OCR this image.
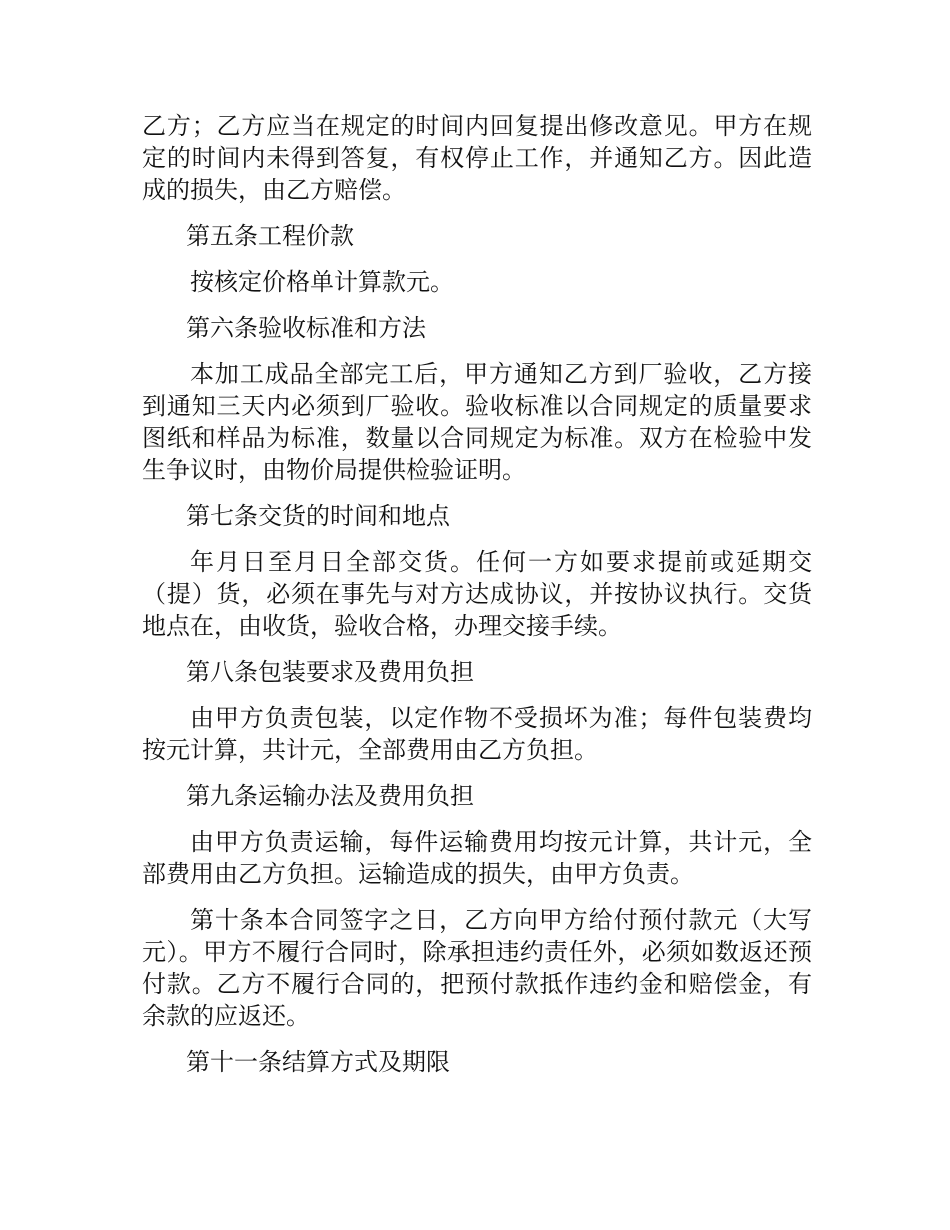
乙方；乙方应当在规定的时间内回复提出修改意见。甲方在规定的时间内未得到答复，有权停止工作，并通知乙方。因此造成的损失，由乙方赔偿。

第五条工程价款

按核定价格单计算款元。

第六条验收标准和方法

本加工成品全部完工后，甲方通知乙方到厂验收，乙方接到通知三天内必须到厂验收。验收标准以合同规定的质量要求图纸和样品为标准，数量以合同规定为标准。双方在检验中发生争议时，由物价局提供检验证明。

第七条交货的时间和地点

年月日至月日全部交货。任何一方如要求提前或延期交（提）货，必须在事先与对方达成协议，并按协议执行。交货地点在，由收货，验收合格，办理交接手续。

第八条包装要求及费用负担

由甲方负责包装，以定作物不受损坏为准；每件包装费均按元计算，共计元，全部费用由乙方负担。

第九条运输办法及费用负担

由甲方负责运输，每件运输费用均按元计算，共计元，全部费用由乙方负担。运输造成的损失，由甲方负责。

第十条本合同签字之日，乙方向甲方给付预付款元（大写元）。甲方不履行合同时，除承担违约责任外，必须如数返还预付款。乙方不履行合同的，把预付款抵作违约金和赔偿金，有余款的应返还。

第十一条结算方式及期限
